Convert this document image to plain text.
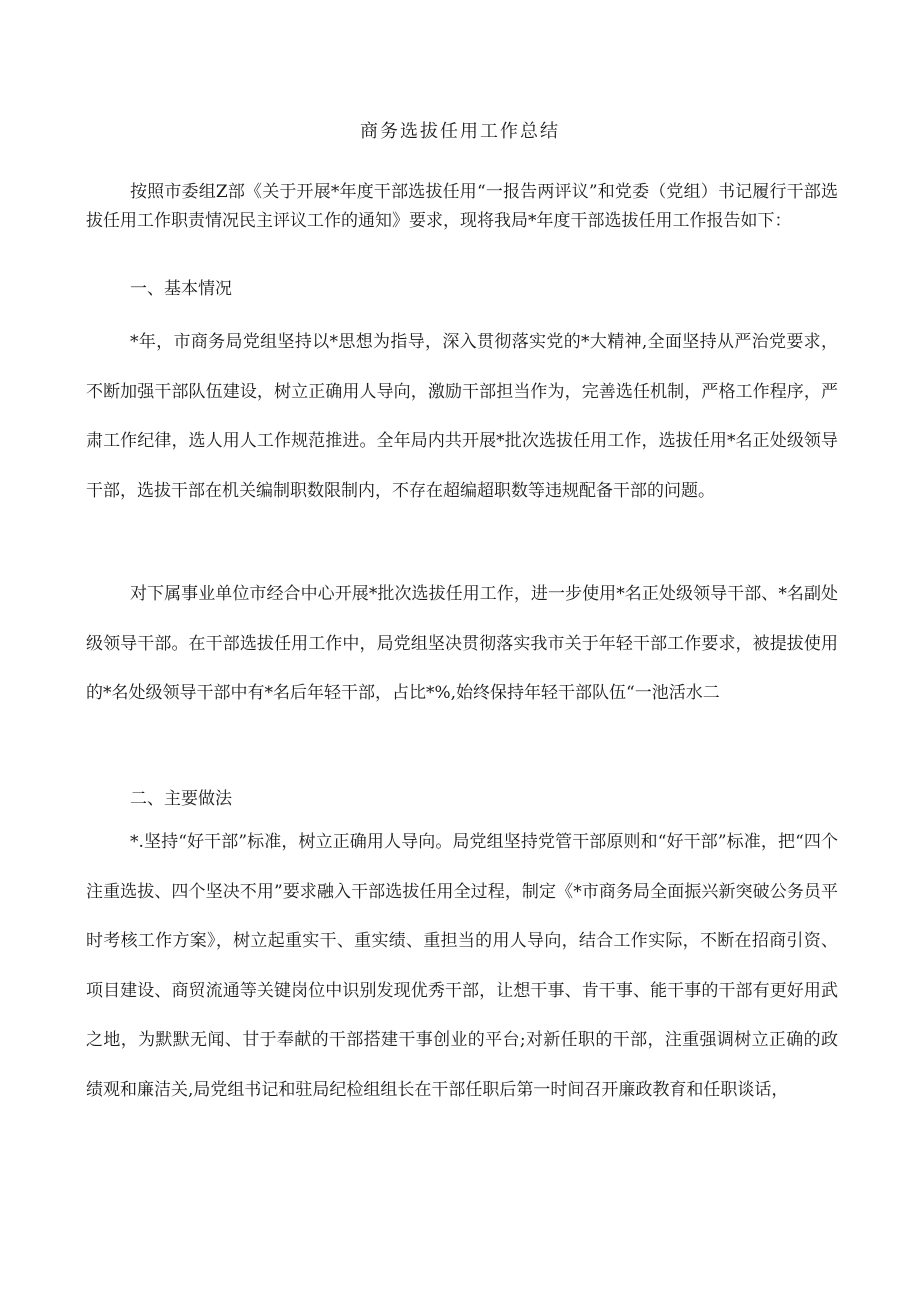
商务选拔任用工作总结

按照市委组Z部《关于开展*年度干部选拔任用“一报告两评议”和党委（党组）书记履行干部选拔任用工作职责情况民主评议工作的通知》要求，现将我局*年度干部选拔任用工作报告如下：

一、基本情况

*年，市商务局党组坚持以*思想为指导，深入贯彻落实党的*大精神,全面坚持从严治党要求，不断加强干部队伍建设，树立正确用人导向，激励干部担当作为，完善选任机制，严格工作程序，严肃工作纪律，选人用人工作规范推进。全年局内共开展*批次选拔任用工作，选拔任用*名正处级领导干部，选拔干部在机关编制职数限制内，不存在超编超职数等违规配备干部的问题。

对下属事业单位市经合中心开展*批次选拔任用工作，进一步使用*名正处级领导干部、*名副处级领导干部。在干部选拔任用工作中，局党组坚决贯彻落实我市关于年轻干部工作要求，被提拔使用的*名处级领导干部中有*名后年轻干部，占比*%,始终保持年轻干部队伍“一池活水二

二、主要做法

*.坚持“好干部”标准，树立正确用人导向。局党组坚持党管干部原则和“好干部”标准，把“四个注重选拔、四个坚决不用”要求融入干部选拔任用全过程，制定《*市商务局全面振兴新突破公务员平时考核工作方案》，树立起重实干、重实绩、重担当的用人导向，结合工作实际，不断在招商引资、项目建设、商贸流通等关键岗位中识别发现优秀干部，让想干事、肯干事、能干事的干部有更好用武之地，为默默无闻、甘于奉献的干部搭建干事创业的平台;对新任职的干部，注重强调树立正确的政绩观和廉洁关,局党组书记和驻局纪检组组长在干部任职后第一时间召开廉政教育和任职谈话，
